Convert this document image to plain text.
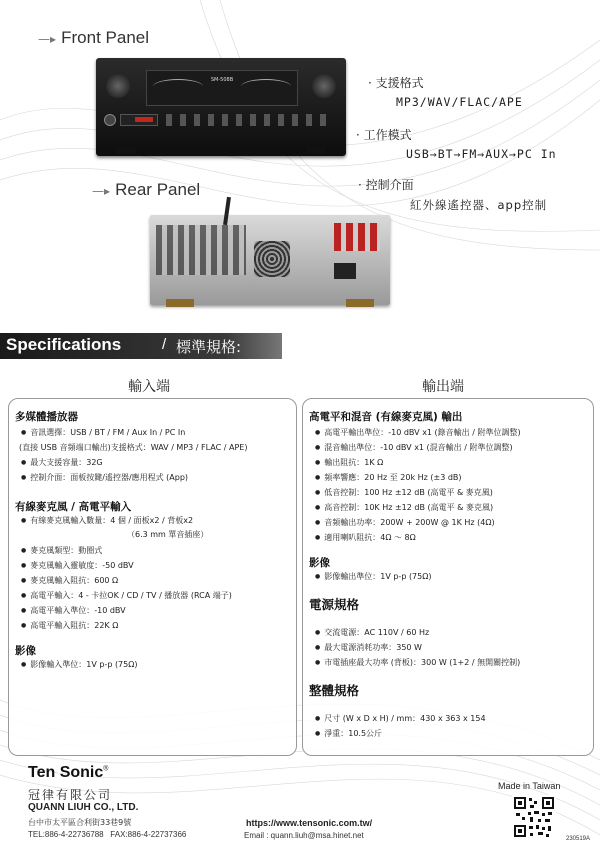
—▸ Front Panel
SM-508B	· 支援格式
MP3/WAV/FLAC/APE
· 工作模式
USB→BT→FM→AUX→PC In
· 控制介面
紅外線遙控器、app控制
—▸ Rear Panel
Specifications	/ 標準規格:
輸入端	輸出端
多媒體播放器
● 音訊選擇：USB / BT / FM / Aux In / PC In
(直接 USB 音頻端口輸出)支援格式：WAV / MP3 / FLAC / APE)
● 最大支援容量：32G
● 控制介面：面板按鍵/遙控器/應用程式 (App)
有線麥克風 / 高電平輸入
● 有線麥克風輸入數量：4 個 / 面板x2 / 背板x2
（6.3 mm 單音插座）
● 麥克風類型：動圈式
● 麥克風輸入靈敏度：-50 dBV
● 麥克風輸入阻抗：600 Ω
● 高電平輸入：4 - 卡拉OK / CD / TV / 播放器 (RCA 端子)
● 高電平輸入準位：-10 dBV
● 高電平輸入阻抗：22K Ω
影像
● 影像輸入準位：1V p-p (75Ω)
高電平和混音 (有線麥克風) 輸出
● 高電平輸出準位：-10 dBV x1 (錄音輸出 / 附準位調整)
● 混音輸出準位：-10 dBV x1 (混音輸出 / 附準位調整)
● 輸出阻抗：1K Ω
● 頻率響應：20 Hz 至 20k Hz (±3 dB)
● 低音控制：100 Hz ±12 dB (高電平 & 麥克風)
● 高音控制：10K Hz ±12 dB (高電平 & 麥克風)
● 音頻輸出功率：200W + 200W @ 1K Hz (4Ω)
● 適用喇叭阻抗：4Ω ～ 8Ω
影像
● 影像輸出準位：1V p-p (75Ω)
電源規格
● 交流電源：AC 110V / 60 Hz
● 最大電源消耗功率：350 W
● 市電插座最大功率 (背板)：300 W (1+2 / 無開關控制)
整體規格
● 尺寸 (W x D x H) / mm：430 x 363 x 154
● 淨重：10.5公斤
Ten Sonic®
冠律有限公司
QUANN LIUH CO., LTD.
台中市太平區合利街33巷9號
TEL:886-4-22736788   FAX:886-4-22737366
https://www.tensonic.com.tw/
Email : quann.liuh@msa.hinet.net
Made in Taiwan
230519A
